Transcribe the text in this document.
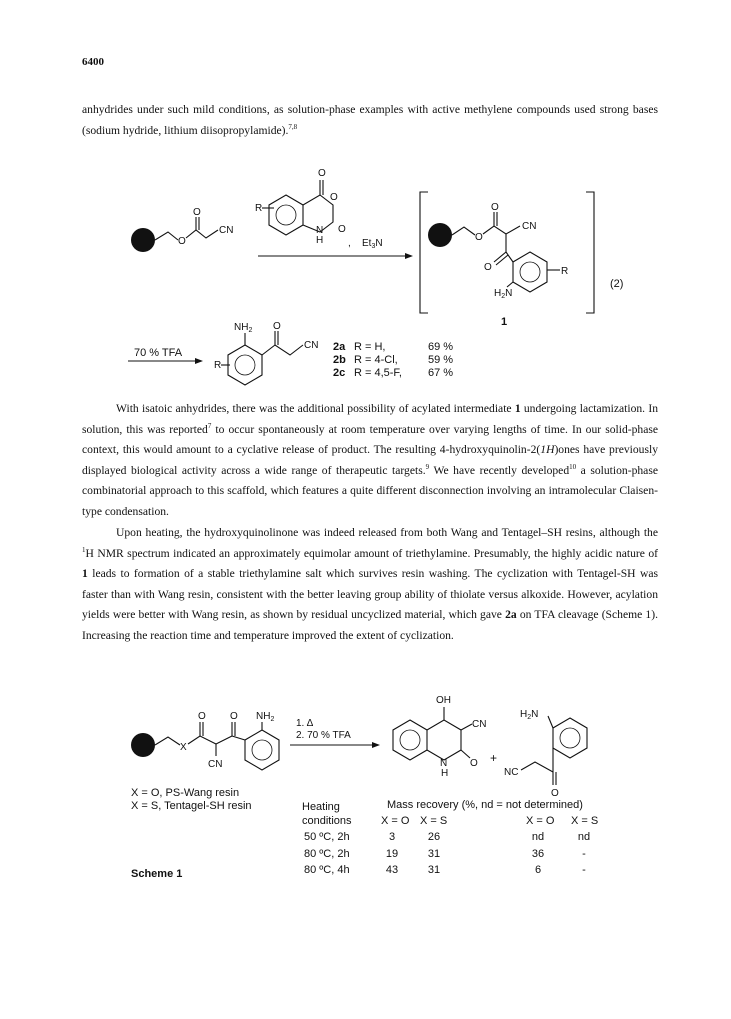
6400
anhydrides under such mild conditions, as solution-phase examples with active methylene compounds used strong bases (sodium hydride, lithium diisopropylamide).$^{7,8}$
With isatoic anhydrides, there was the additional possibility of acylated intermediate 1 undergoing lactamization. In solution, this was reported$^7$ to occur spontaneously at room temperature over varying lengths of time. In our solid-phase context, this would amount to a cyclative release of product. The resulting 4-hydroxyquinolin-2(1H)ones have previously displayed biological activity across a wide range of therapeutic targets.$^9$ We have recently developed$^{10}$ a solution-phase combinatorial approach to this scaffold, which features a quite different disconnection involving an intramolecular Claisen-type condensation.
Upon heating, the hydroxyquinolinone was indeed released from both Wang and Tentagel–SH resins, although the $^1$H NMR spectrum indicated an approximately equimolar amount of triethylamine. Presumably, the highly acidic nature of 1 leads to formation of a stable triethylamine salt which survives resin washing. The cyclization with Tentagel-SH was faster than with Wang resin, consistent with the better leaving group ability of thiolate versus alkoxide. However, acylation yields were better with Wang resin, as shown by residual uncyclized material, which gave 2a on TFA cleavage (Scheme 1). Increasing the reaction time and temperature improved the extent of cyclization.
O
O
CN
O
O
O
N
H
R
, $Et_3N$
O
O
CN
O	R
$H_2N$
1
(2)
70 % TFA
$NH_2$ O
CN
R
2a R = H,	69 %
2b R = 4-Cl,	59 %
2c R = 4,5-F, 67 %
X
O
CN
O $NH_2$ 1. Δ
2. 70 % TFA
OH
CN
N
H
O +
$H_2N$
O
NC
X = O, PS-Wang resin
X = S, Tentagel-SH resin	Heating
conditions
Mass recovery (%, nd = not determined)
X = O X = S	X = O X = S
50 ºC, 2h	3	26	nd	nd
80 ºC, 2h	19	31	36	-
80 ºC, 4h	43	31	6	-
Scheme 1
